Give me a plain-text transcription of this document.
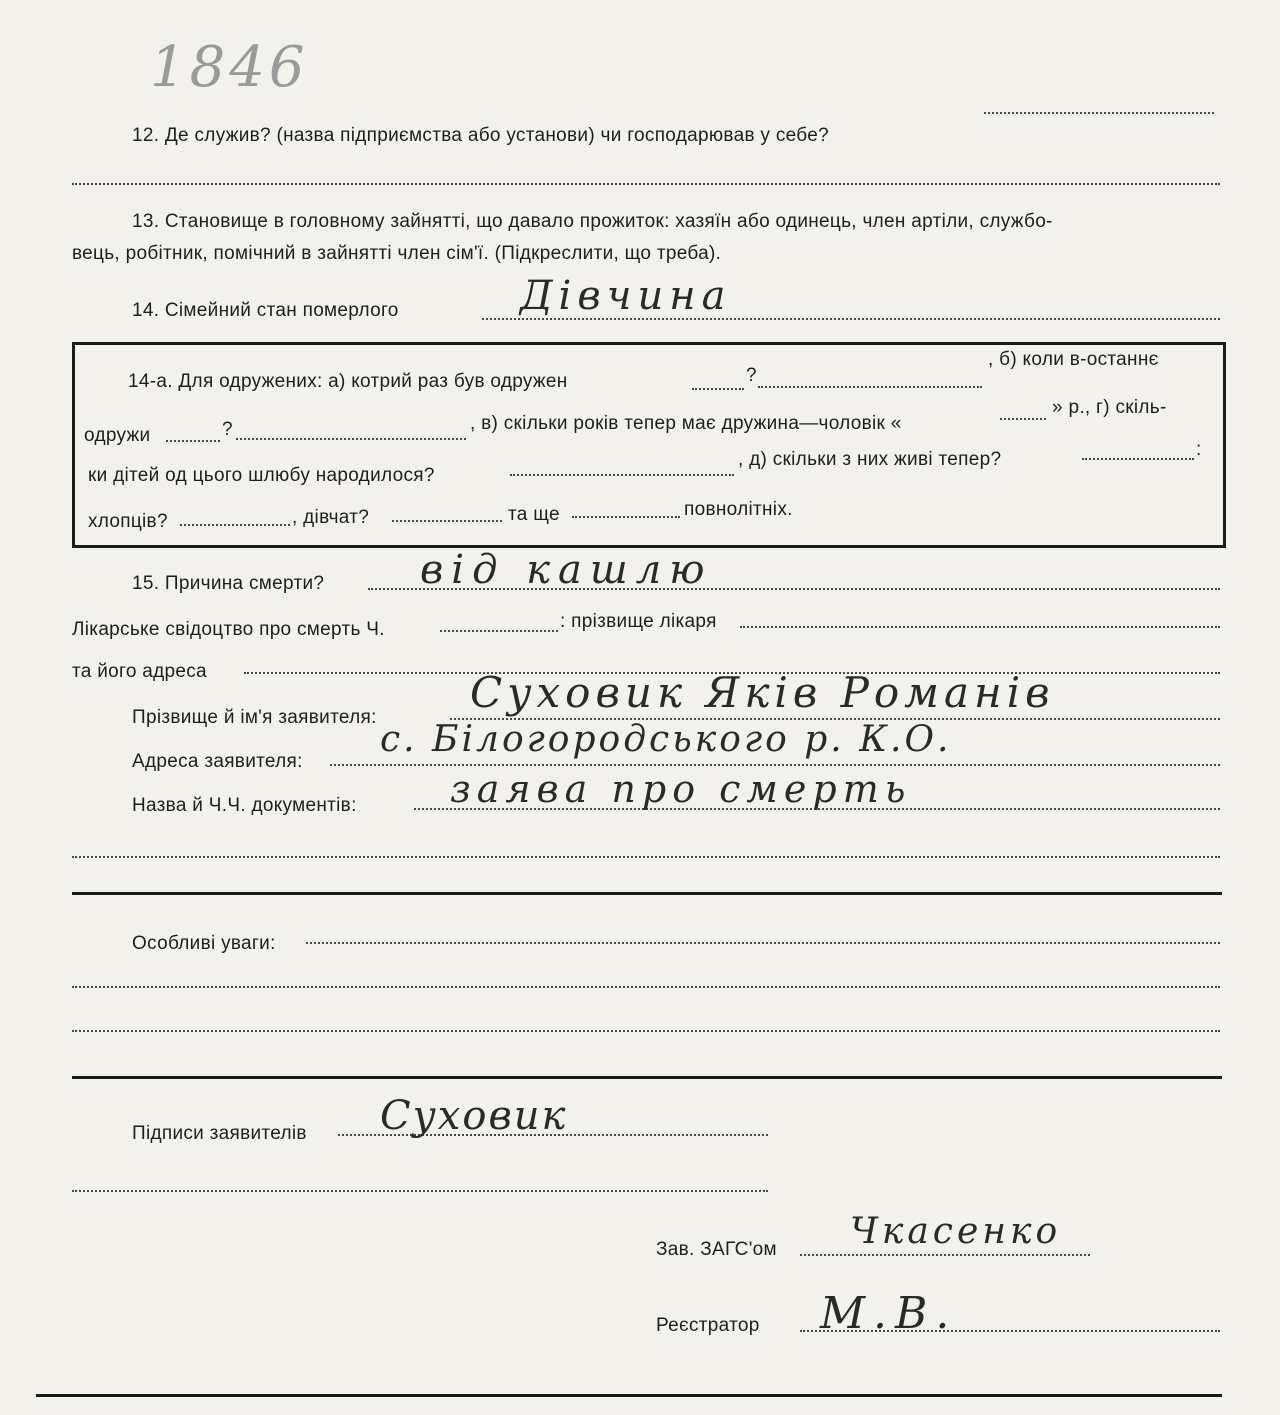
1846
12. Де служив? (назва підприємства або установи) чи господарював у себе?
13. Становище в головному зайнятті, що давало прожиток: хазяїн або одинець, член артіли, службо-
вець, робітник, помічний в зайнятті член сім'ї. (Підкреслити, що треба).
14. Сімейний стан померлого	Дівчина
14-а. Для одружених: а) котрий раз був одружен	?
, б) коли в-останнє
одружи	?	, в) скільки років тепер має дружина—чоловік «
» р., г) скіль-
ки дітей од цього шлюбу народилося?
, д) скільки з них живі тепер?	:
хлопців?	, дівчат?	та ще	повнолітніх.
15. Причина смерти? від кашлю
Лікарське свідоцтво про смерть Ч.	: прізвище лікаря
та його адреса
Прізвище й ім'я заявителя:
Суховик Яків Романів
Адреса заявителя:
с. Білогородського р. К.О.
Назва й Ч.Ч. документів: заява про смерть
Особливі уваги:
Підписи заявителів Суховик
Зав. ЗАГС'ом Чкасенко
Реєстратор М.В.
